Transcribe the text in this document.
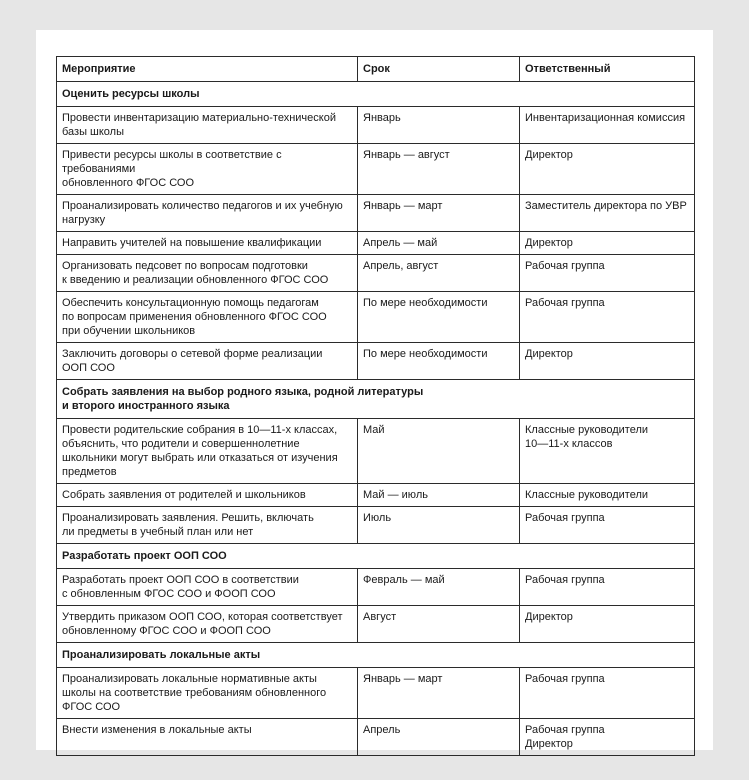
Мероприятие	Срок	Ответственный
Оценить ресурсы школы		
Провести инвентаризацию материально-технической
базы школы	Январь	Инвентаризационная комиссия
Привести ресурсы школы в соответствие с требованиями
обновленного ФГОС СОО	Январь — август	Директор
Проанализировать количество педагогов и их учебную
нагрузку	Январь — март	Заместитель директора по УВР
Направить учителей на повышение квалификации	Апрель — май	Директор
Организовать педсовет по вопросам подготовки
к введению и реализации обновленного ФГОС СОО	Апрель, август	Рабочая группа
Обеспечить консультационную помощь педагогам
по вопросам применения обновленного ФГОС СОО
при обучении школьников	По мере необходимости	Рабочая группа
Заключить договоры о сетевой форме реализации
ООП СОО	По мере необходимости	Директор
Собрать заявления на выбор родного языка, родной литературы
и второго иностранного языка		
Провести родительские собрания в 10—11-х классах,
объяснить, что родители и совершеннолетние
школьники могут выбрать или отказаться от изучения
предметов	Май	Классные руководители
10—11-х классов
Собрать заявления от родителей и школьников	Май — июль	Классные руководители
Проанализировать заявления. Решить, включать
ли предметы в учебный план или нет	Июль	Рабочая группа
Разработать проект ООП СОО		
Разработать проект ООП СОО в соответствии
с обновленным ФГОС СОО и ФООП СОО	Февраль — май	Рабочая группа
Утвердить приказом ООП СОО, которая соответствует
обновленному ФГОС СОО и ФООП СОО	Август	Директор
Проанализировать локальные акты		
Проанализировать локальные нормативные акты
школы на соответствие требованиям обновленного
ФГОС СОО	Январь — март	Рабочая группа
Внести изменения в локальные акты	Апрель	Рабочая группа
Директор
